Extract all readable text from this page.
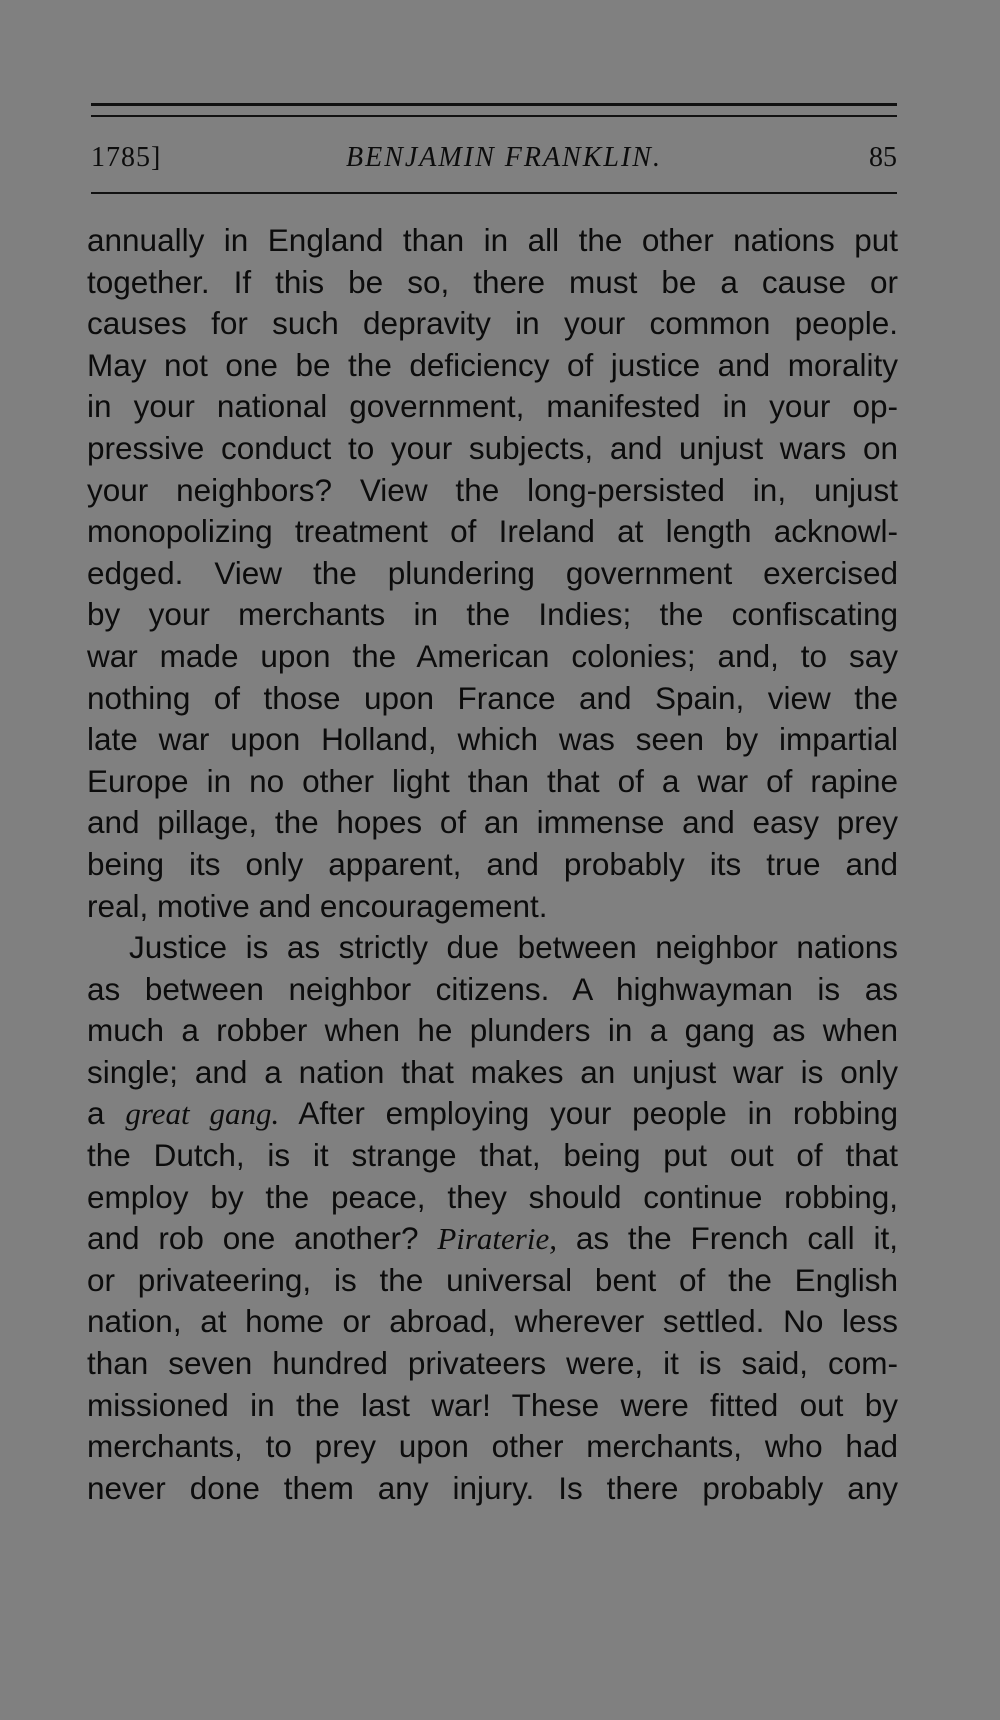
1785]	BENJAMIN FRANKLIN.	85
annually in England than in all the other nations put
together. If this be so, there must be a cause or
causes for such depravity in your common people.
May not one be the deficiency of justice and morality
in your national government, manifested in your op-
pressive conduct to your subjects, and unjust wars on
your neighbors? View the long-persisted in, unjust
monopolizing treatment of Ireland at length acknowl-
edged. View the plundering government exercised
by your merchants in the Indies; the confiscating
war made upon the American colonies; and, to say
nothing of those upon France and Spain, view the
late war upon Holland, which was seen by impartial
Europe in no other light than that of a war of rapine
and pillage, the hopes of an immense and easy prey
being its only apparent, and probably its true and
real, motive and encouragement.
Justice is as strictly due between neighbor nations
as between neighbor citizens. A highwayman is as
much a robber when he plunders in a gang as when
single; and a nation that makes an unjust war is only
a great gang. After employing your people in robbing
the Dutch, is it strange that, being put out of that
employ by the peace, they should continue robbing,
and rob one another? Piraterie, as the French call it,
or privateering, is the universal bent of the English
nation, at home or abroad, wherever settled. No less
than seven hundred privateers were, it is said, com-
missioned in the last war! These were fitted out by
merchants, to prey upon other merchants, who had
never done them any injury. Is there probably any
